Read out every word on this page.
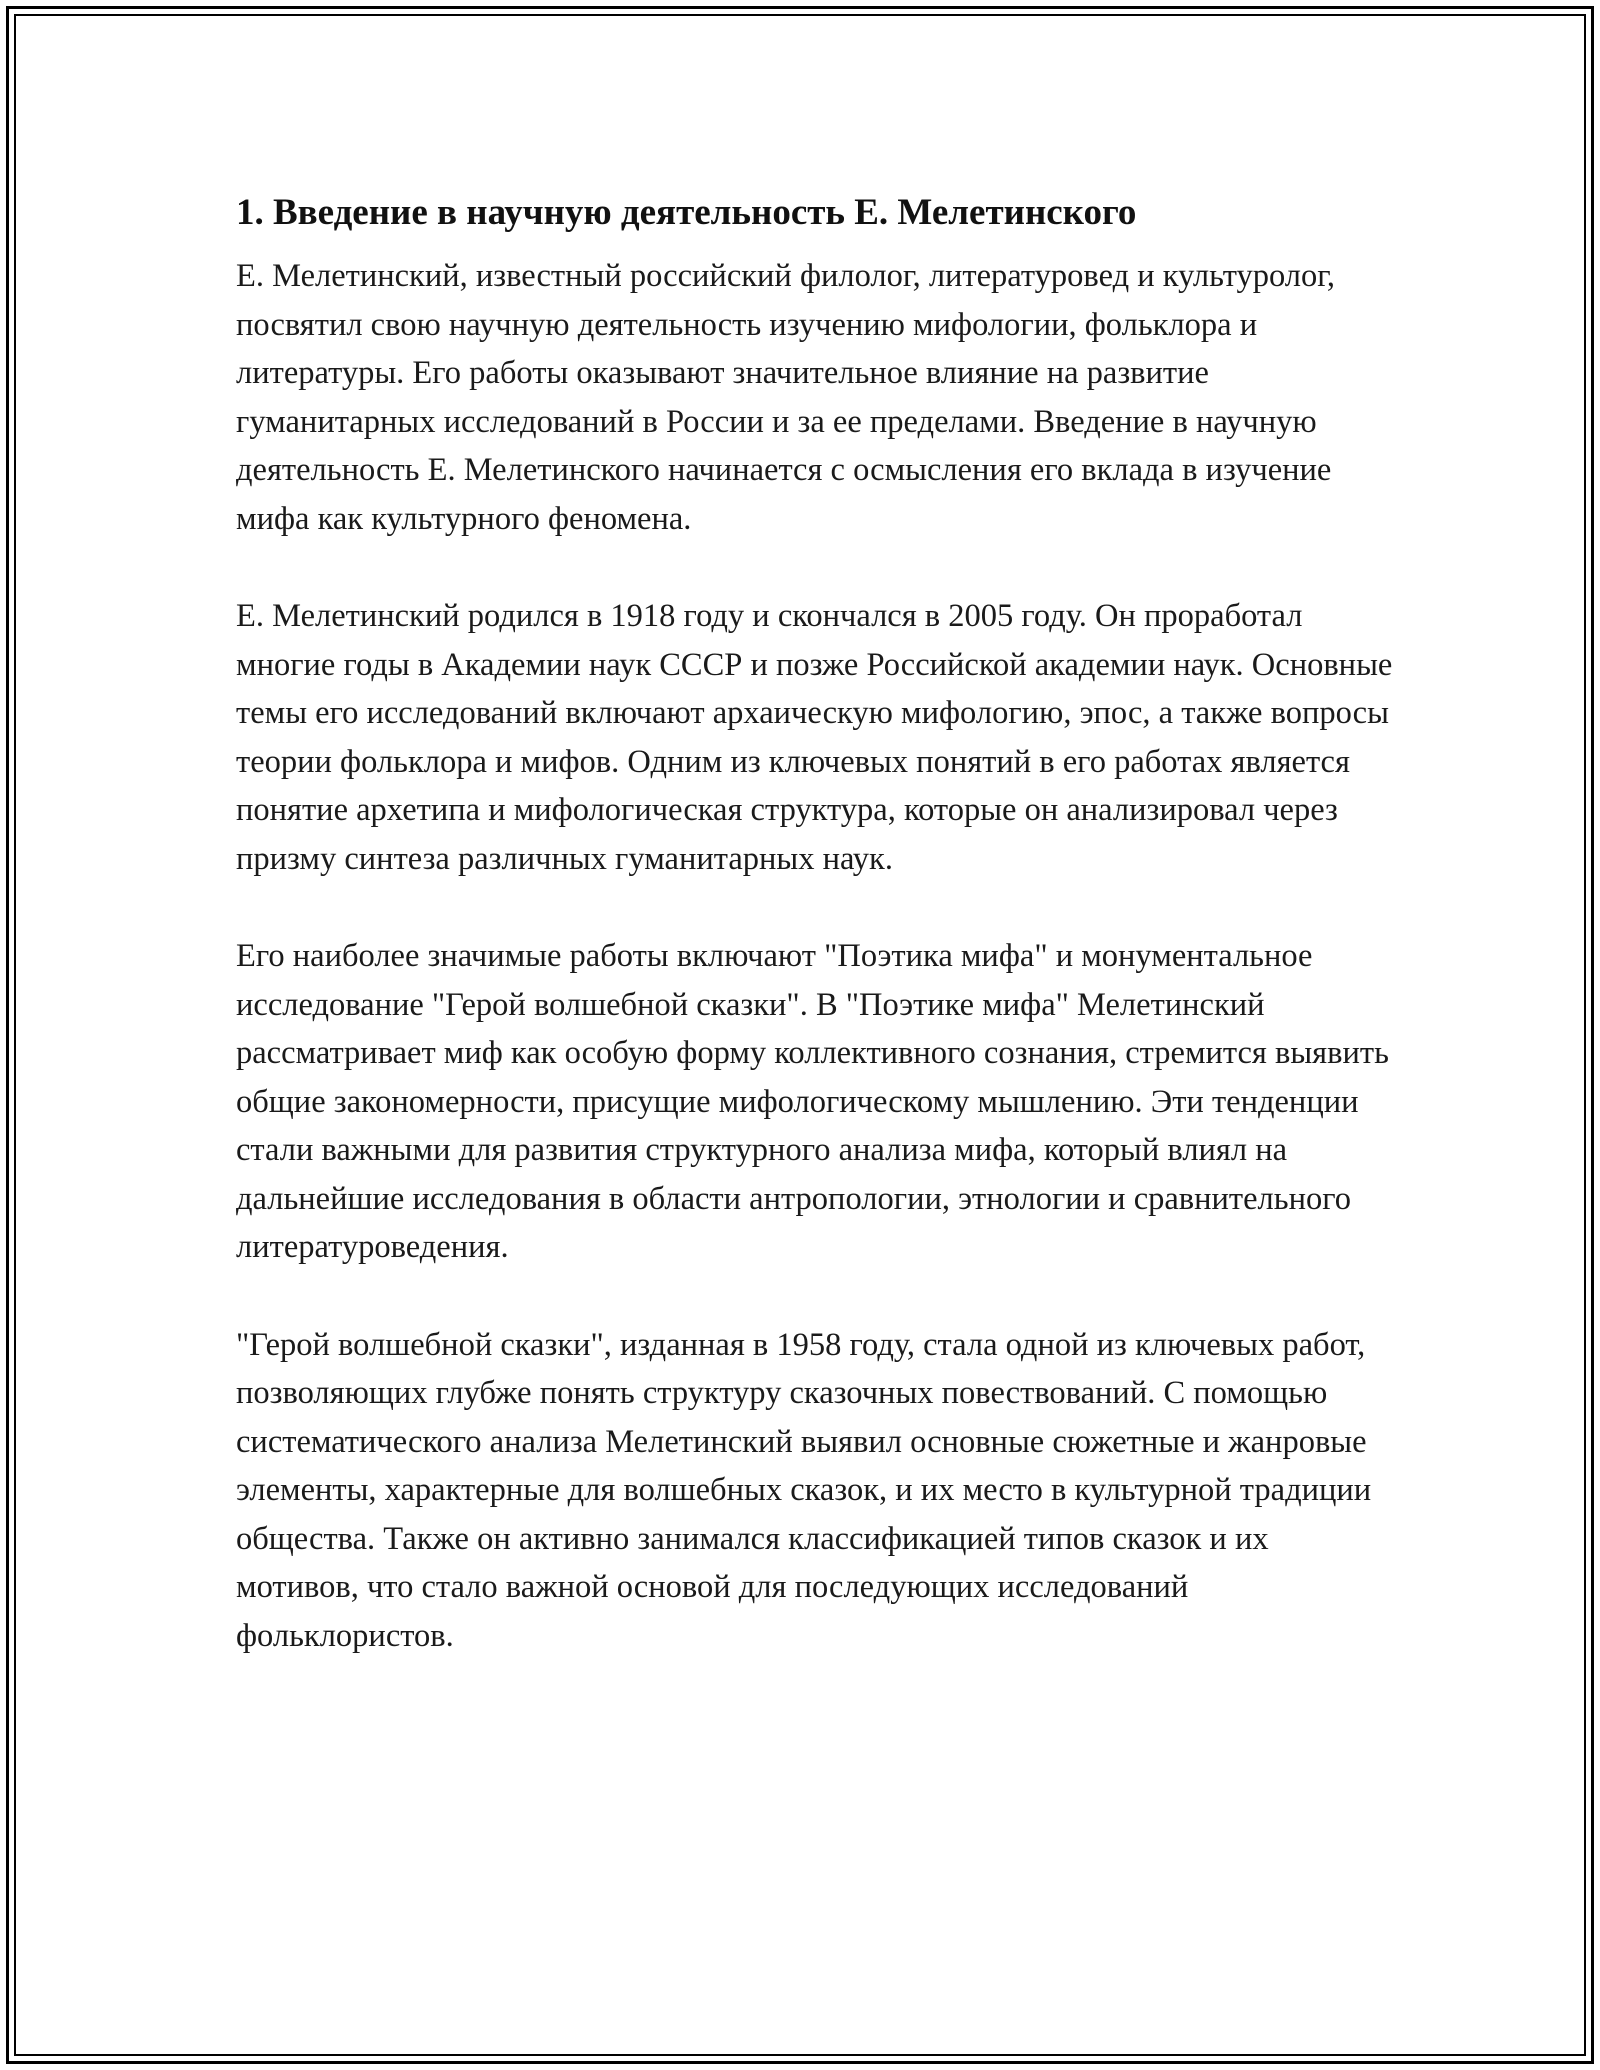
1. Введение в научную деятельность Е. Мелетинского

Е. Мелетинский, известный российский филолог, литературовед и культуролог, посвятил свою научную деятельность изучению мифологии, фольклора и литературы. Его работы оказывают значительное влияние на развитие гуманитарных исследований в России и за ее пределами. Введение в научную деятельность Е. Мелетинского начинается с осмысления его вклада в изучение мифа как культурного феномена.

Е. Мелетинский родился в 1918 году и скончался в 2005 году. Он проработал многие годы в Академии наук СССР и позже Российской академии наук. Основные темы его исследований включают архаическую мифологию, эпос, а также вопросы теории фольклора и мифов. Одним из ключевых понятий в его работах является понятие архетипа и мифологическая структура, которые он анализировал через призму синтеза различных гуманитарных наук.

Его наиболее значимые работы включают "Поэтика мифа" и монументальное исследование "Герой волшебной сказки". В "Поэтике мифа" Мелетинский рассматривает миф как особую форму коллективного сознания, стремится выявить общие закономерности, присущие мифологическому мышлению. Эти тенденции стали важными для развития структурного анализа мифа, который влиял на дальнейшие исследования в области антропологии, этнологии и сравнительного литературоведения.

"Герой волшебной сказки", изданная в 1958 году, стала одной из ключевых работ, позволяющих глубже понять структуру сказочных повествований. С помощью систематического анализа Мелетинский выявил основные сюжетные и жанровые элементы, характерные для волшебных сказок, и их место в культурной традиции общества. Также он активно занимался классификацией типов сказок и их мотивов, что стало важной основой для последующих исследований фольклористов.
